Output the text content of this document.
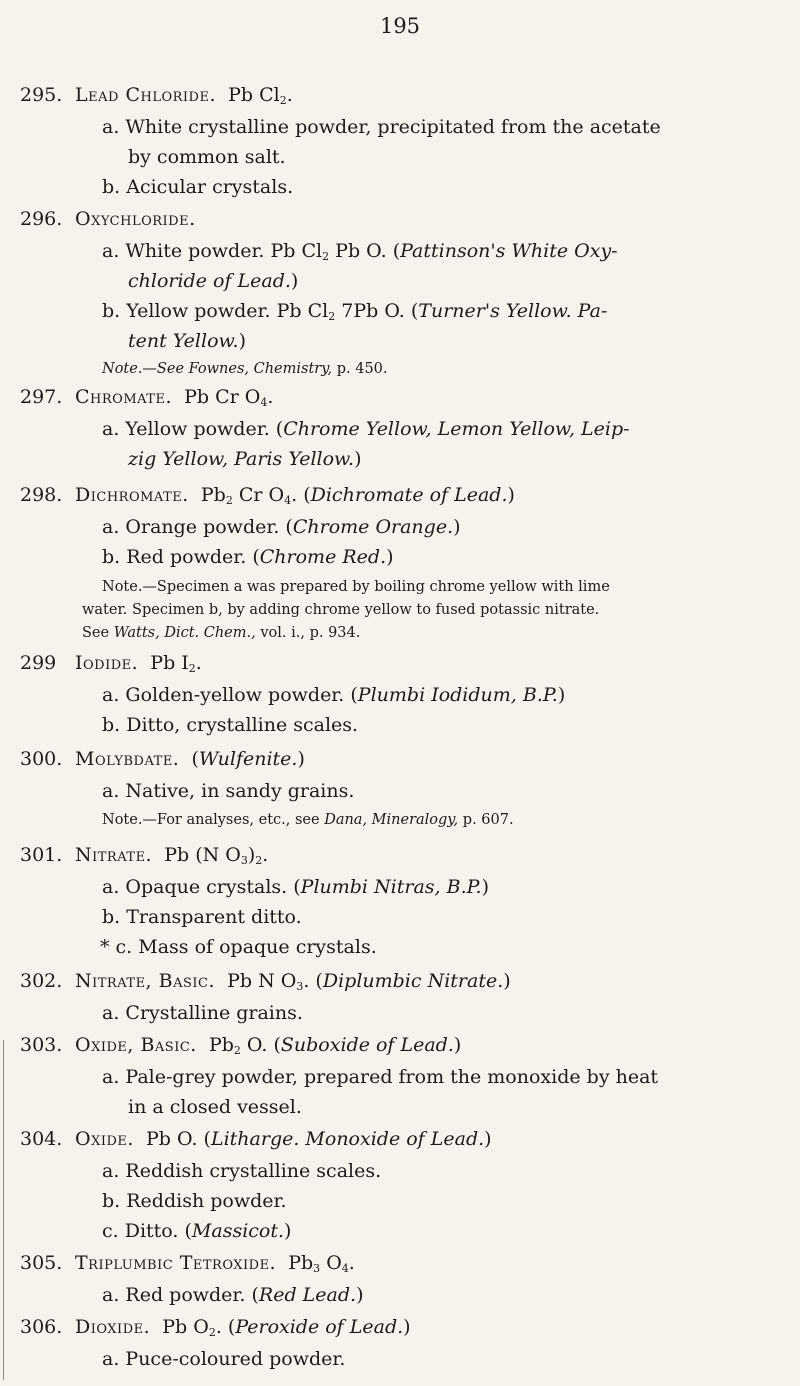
195
295. Lead Chloride. Pb $Cl_2$.
a. White crystalline powder, precipitated from the acetate
by common salt.
b. Acicular crystals.
296. Oxychloride.
a. White powder. Pb $Cl_2$ Pb O. (Pattinson's White Oxy-
chloride of Lead.)
b. Yellow powder. Pb $Cl_2$ 7Pb O. (Turner's Yellow. Pa-
tent Yellow.)
Note.—See Fownes, Chemistry, p. 450.
297. Chromate. Pb Cr $O_4$.
a. Yellow powder. (Chrome Yellow, Lemon Yellow, Leip-
zig Yellow, Paris Yellow.)
298. Dichromate. $Pb_2$ Cr $O_4$. (Dichromate of Lead.)
a. Orange powder. (Chrome Orange.)
b. Red powder. (Chrome Red.)
Note.—Specimen a was prepared by boiling chrome yellow with lime
water. Specimen b, by adding chrome yellow to fused potassic nitrate.
See Watts, Dict. Chem., vol. i., p. 934.
299 Iodide. Pb $I_2$.
a. Golden-yellow powder. (Plumbi Iodidum, B.P.)
b. Ditto, crystalline scales.
300. Molybdate. (Wulfenite.)
a. Native, in sandy grains.
Note.—For analyses, etc., see Dana, Mineralogy, p. 607.
301. Nitrate. Pb (N $O_3)_2$.
a. Opaque crystals. (Plumbi Nitras, B.P.)
b. Transparent ditto.
* c. Mass of opaque crystals.
302. Nitrate, Basic. Pb N $O_3$. (Diplumbic Nitrate.)
a. Crystalline grains.
303. Oxide, Basic. $Pb_2$ O. (Suboxide of Lead.)
a. Pale-grey powder, prepared from the monoxide by heat
in a closed vessel.
304. Oxide. Pb O. (Litharge. Monoxide of Lead.)
a. Reddish crystalline scales.
b. Reddish powder.
c. Ditto. (Massicot.)
305. Triplumbic Tetroxide. $Pb_3$ $O_4$.
a. Red powder. (Red Lead.)
306. Dioxide. Pb $O_2$. (Peroxide of Lead.)
a. Puce-coloured powder.
